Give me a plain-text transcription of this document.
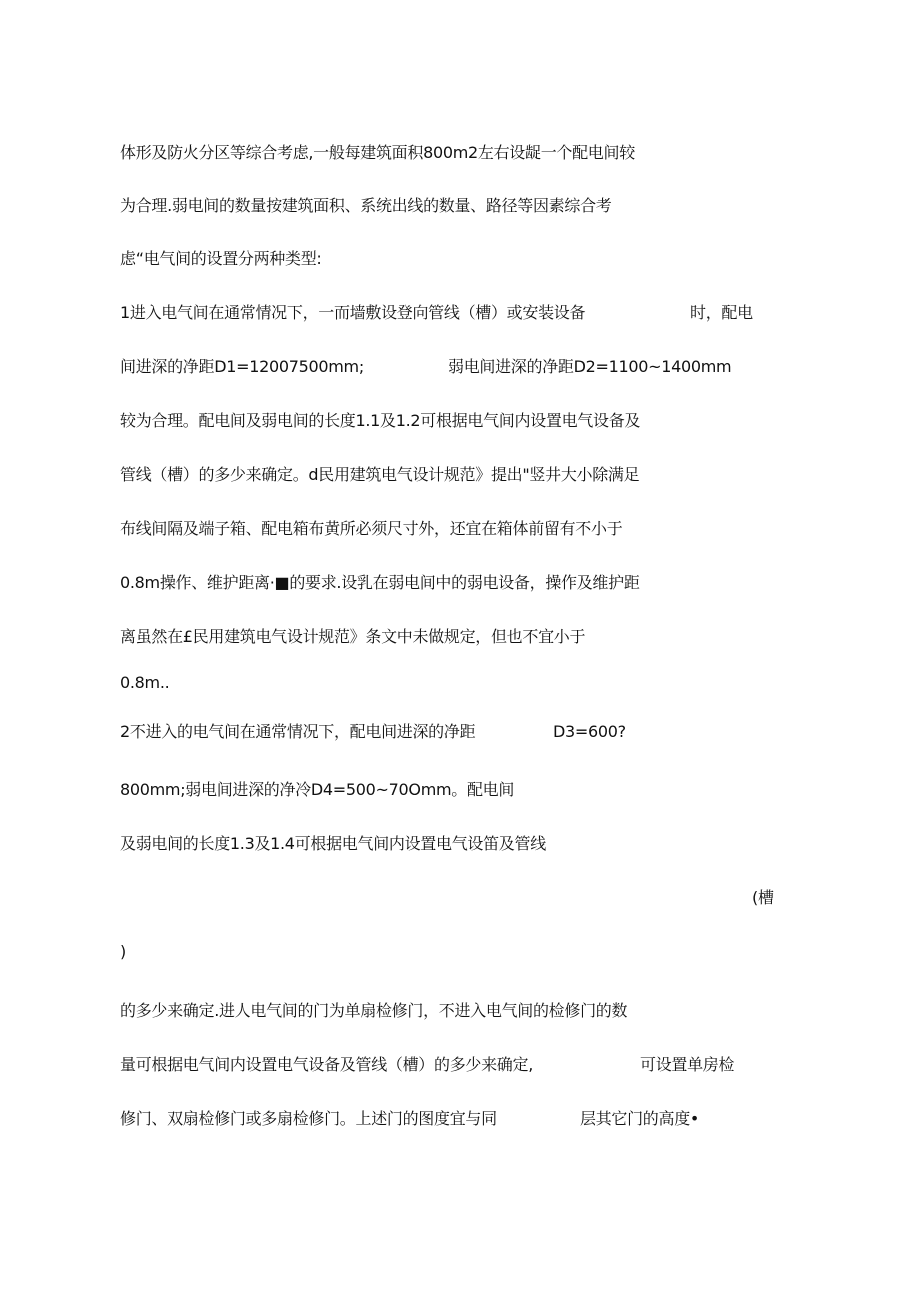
体形及防火分区等综合考虑,一般每建筑面积800m2左右设龊一个配电间较
为合理.弱电间的数量按建筑面积、系统出线的数量、路径等因素综合考
虑“电气间的设置分两种类型:
1进入电气间在通常情况下，一而墙敷设登向管线（槽）或安装设备	时，配电
间进深的净距D1=12007500mm;	弱电间进深的净距D2=1100~1400mm
较为合理。配电间及弱电间的长度1.1及1.2可根据电气间内设置电气设备及
管线（槽）的多少来确定。d民用建筑电气设计规范》提出"竖井大小除满足
布线间隔及端子箱、配电箱布黄所必须尺寸外，还宜在箱体前留有不小于
0.8m操作、维护距离·■的要求.设乳在弱电间中的弱电设备，操作及维护距
离虽然在£民用建筑电气设计规范》条文中未做规定，但也不宜小于
0.8m..
2不进入的电气间在通常情况下，配电间进深的净距	D3=600?
800mm;弱电间进深的净冷D4=500~70Omm。配电间
及弱电间的长度1.3及1.4可根据电气间内设置电气设笛及管线
(槽
)
的多少来确定.进人电气间的门为单扇检修门，不进入电气间的检修门的数
量可根据电气间内设置电气设备及管线（槽）的多少来确定,	可设置单房检
修门、双扇检修门或多扇检修门。上述门的图度宜与同	层其它门的高度•
